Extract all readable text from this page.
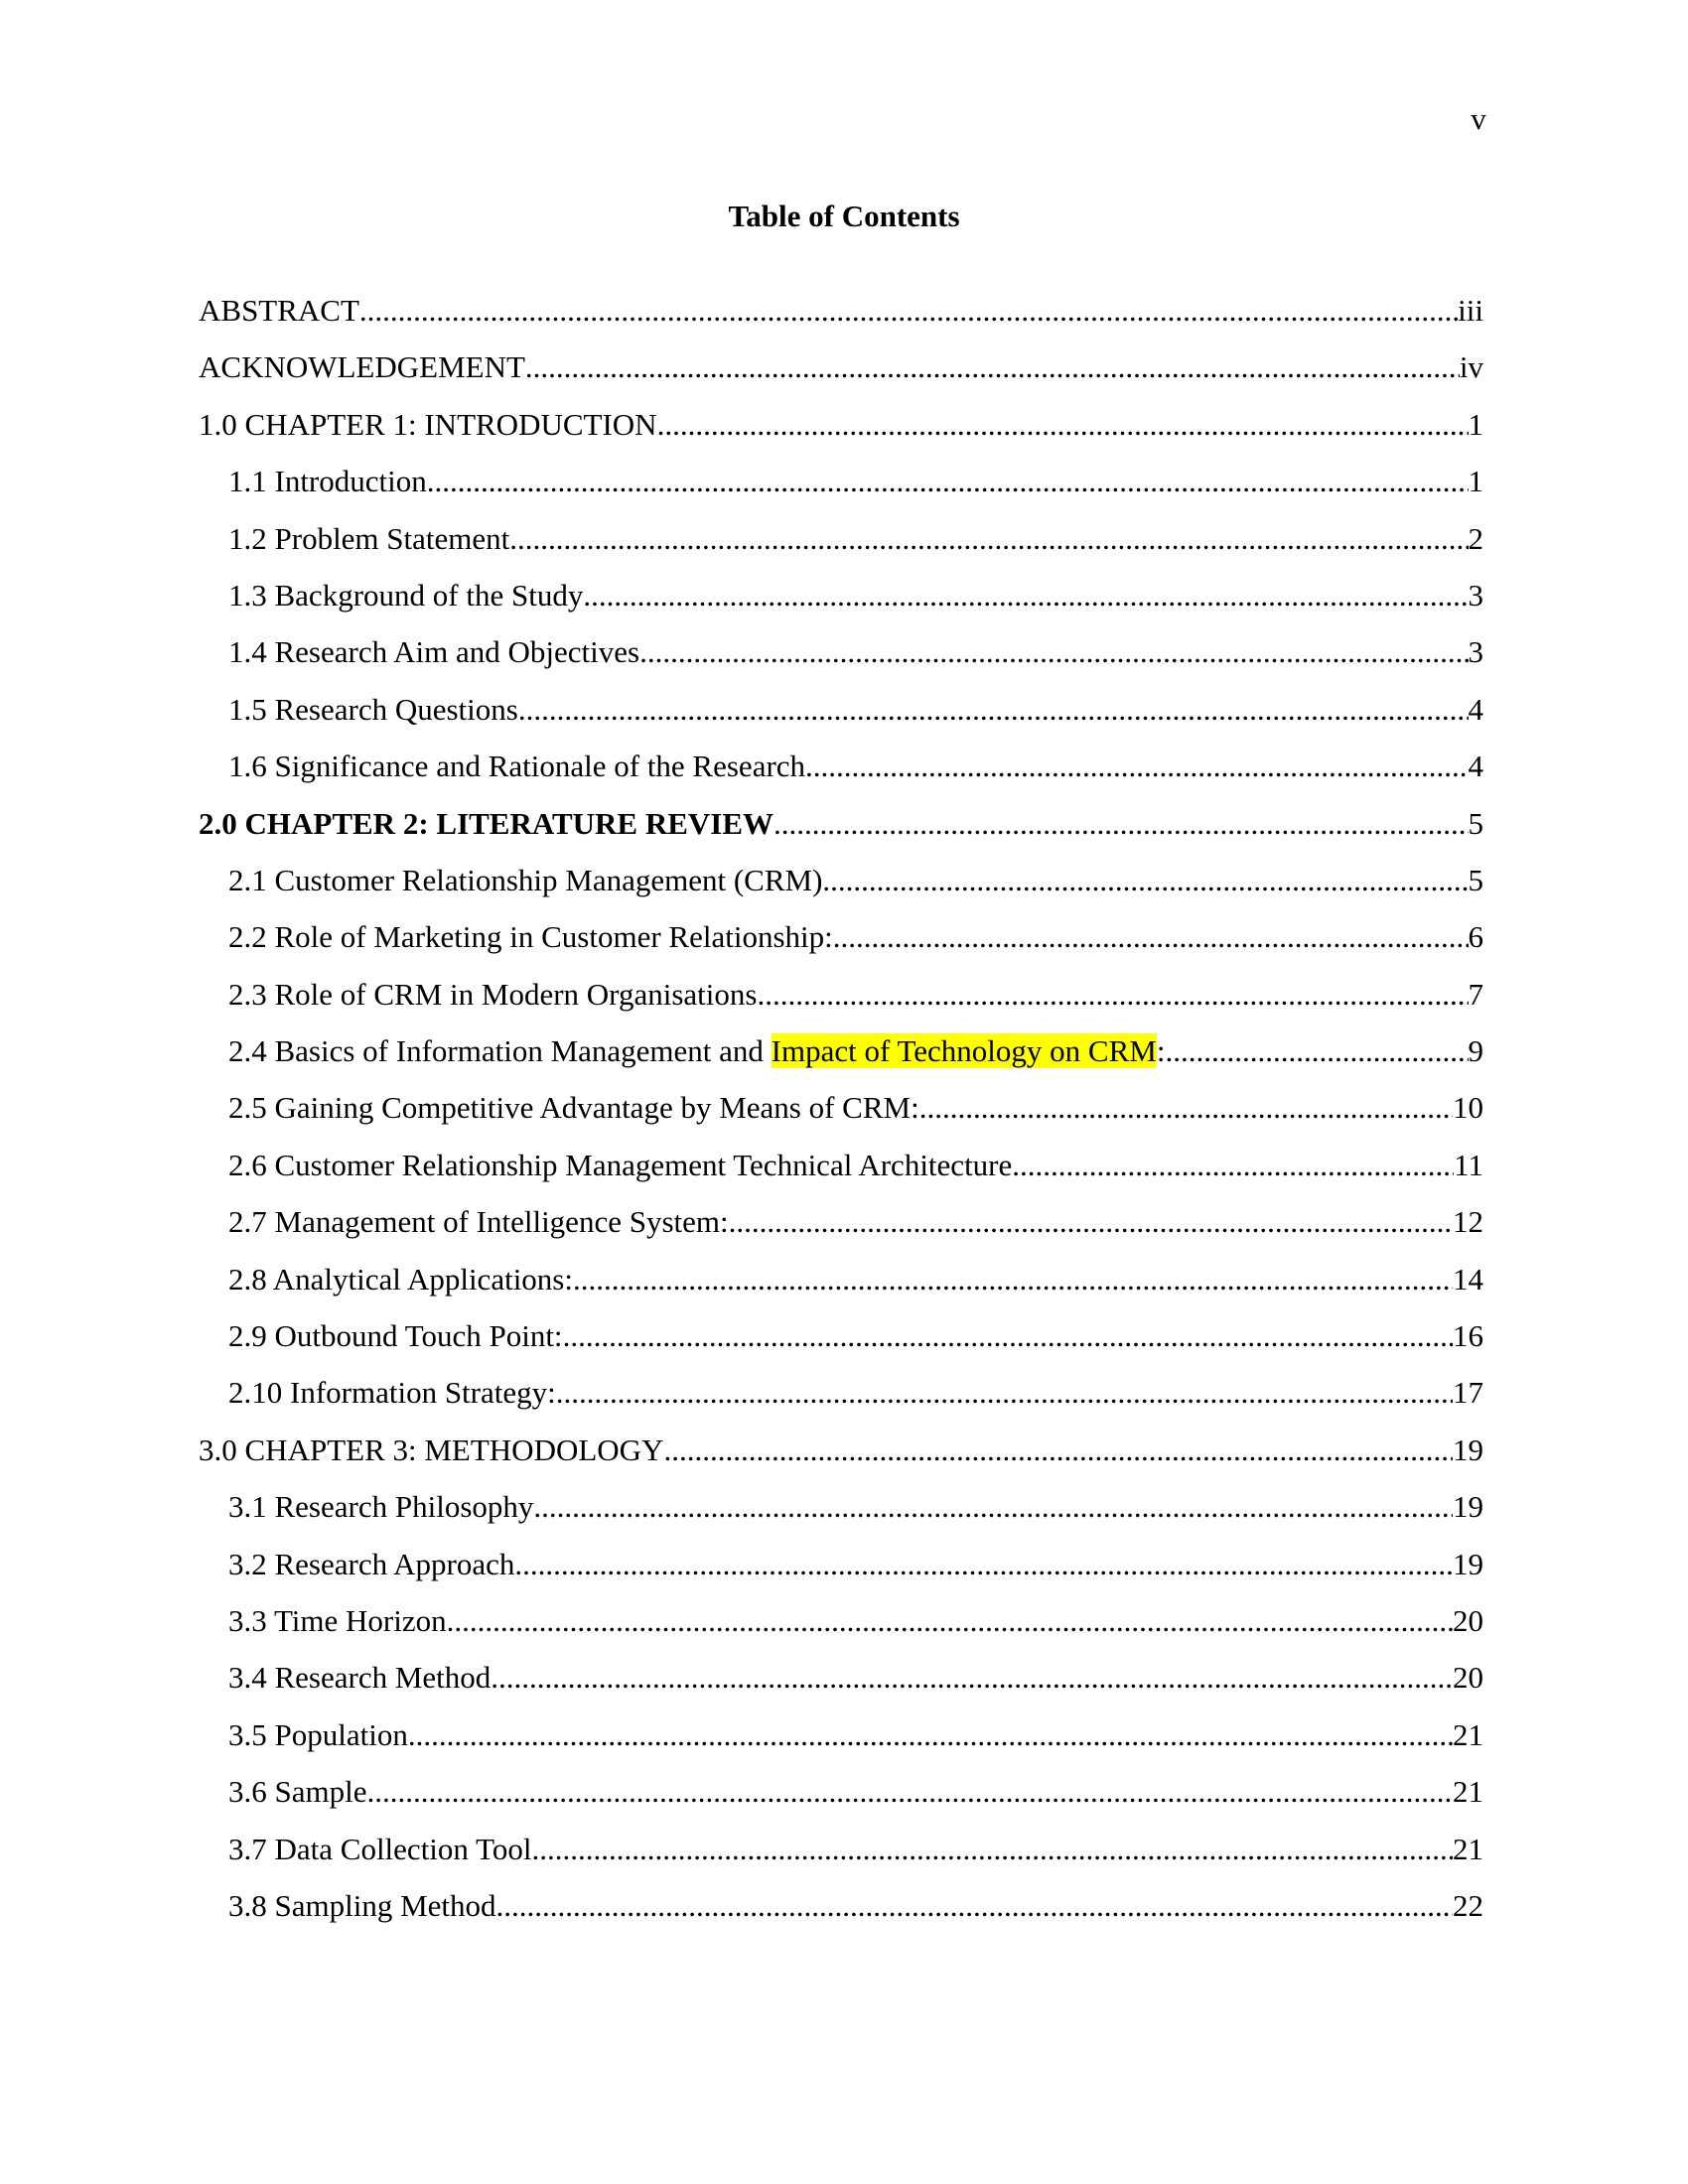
v
Table of Contents
ABSTRACT .....	iii
ACKNOWLEDGEMENT .....	iv
1.0 CHAPTER 1: INTRODUCTION .....	1
1.1 Introduction .....	1
1.2 Problem Statement .....	2
1.3 Background of the Study .....	3
1.4 Research Aim and Objectives .....	3
1.5 Research Questions .....	4
1.6 Significance and Rationale of the Research .....	4
2.0 CHAPTER 2: LITERATURE REVIEW .....	5
2.1 Customer Relationship Management (CRM) .....	5
2.2 Role of Marketing in Customer Relationship: .....	6
2.3 Role of CRM in Modern Organisations .....	7
2.4 Basics of Information Management and Impact of Technology on CRM: .....	9
2.5 Gaining Competitive Advantage by Means of CRM: .....	10
2.6 Customer Relationship Management Technical Architecture .....	11
2.7 Management of Intelligence System: .....	12
2.8 Analytical Applications: .....	14
2.9 Outbound Touch Point: .....	16
2.10 Information Strategy: .....	17
3.0 CHAPTER 3: METHODOLOGY .....	19
3.1 Research Philosophy .....	19
3.2 Research Approach .....	19
3.3 Time Horizon .....	20
3.4 Research Method .....	20
3.5 Population .....	21
3.6 Sample .....	21
3.7 Data Collection Tool .....	21
3.8 Sampling Method .....	22
